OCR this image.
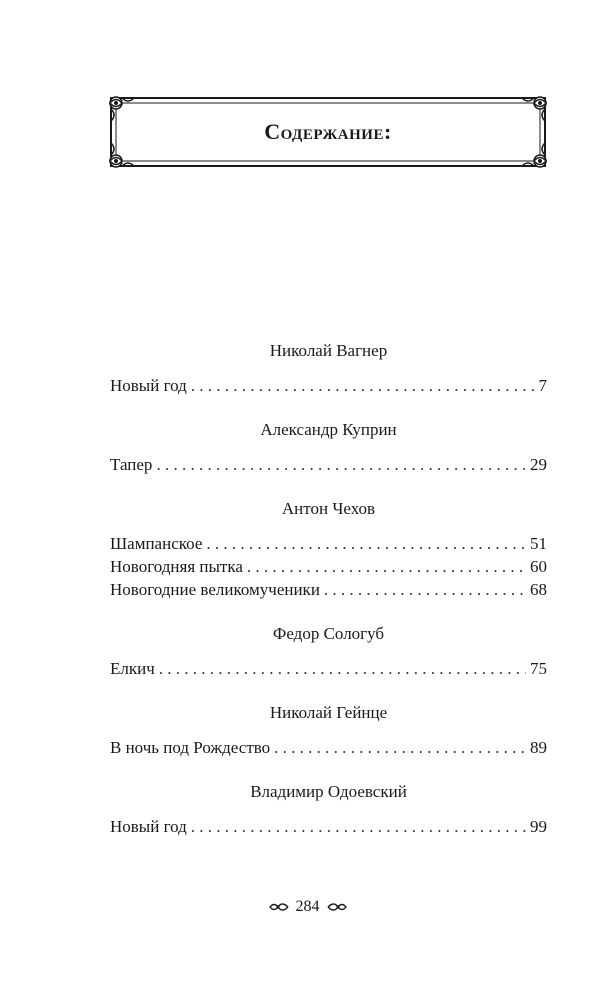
Содержание:
Николай Вагнер
Новый год . . .	7
Александр Куприн
Тапер . . .	29
Антон Чехов
Шампанское . . .	51
Новогодняя пытка . . .	60
Новогодние великомученики . . .	68
Федор Сологуб
Елкич . . .	75
Николай Гейнце
В ночь под Рождество . . .	89
Владимир Одоевский
Новый год . . .	99
284
